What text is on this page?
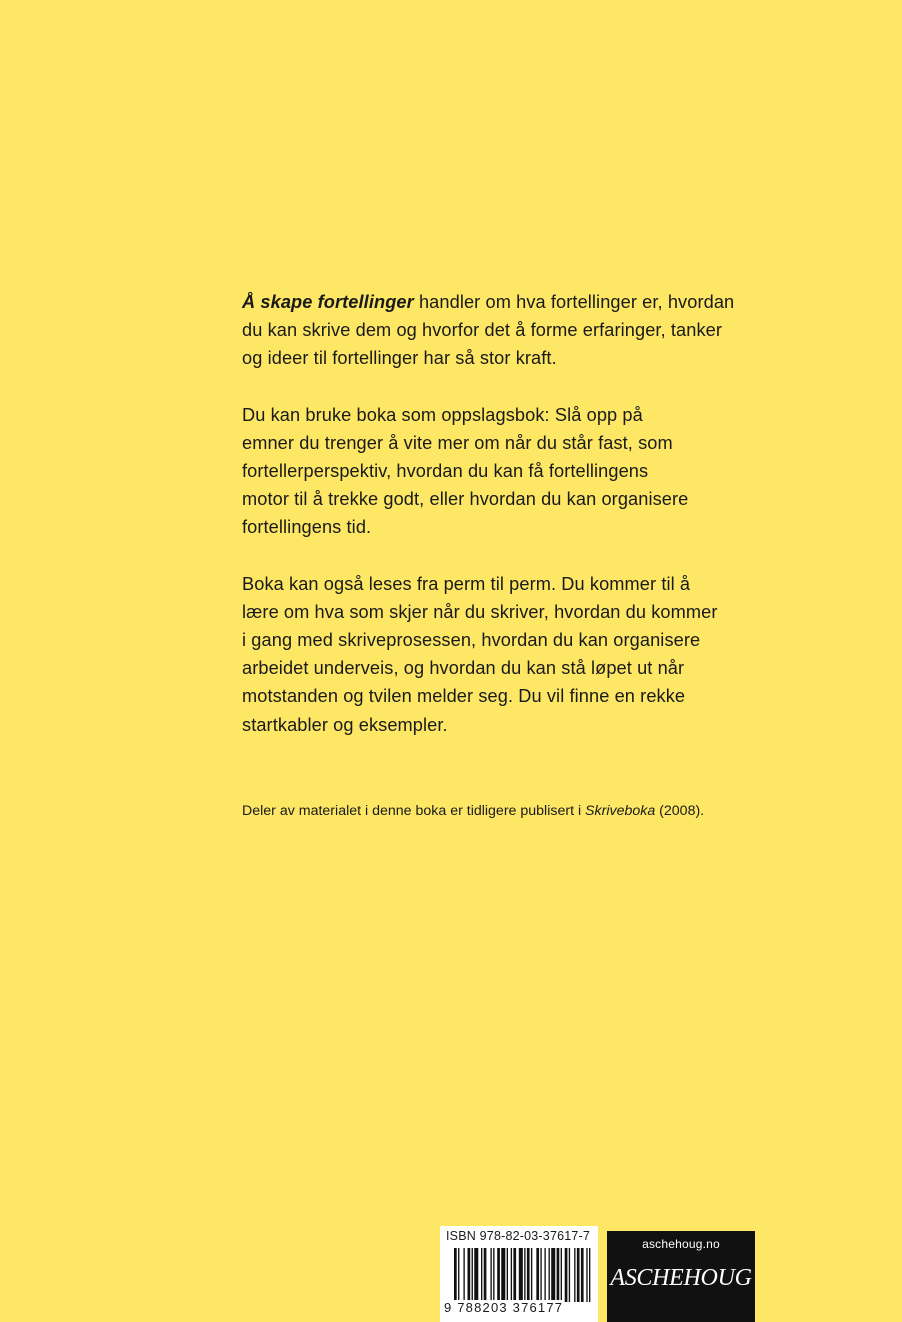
Å skape fortellinger handler om hva fortellinger er, hvordan
du kan skrive dem og hvorfor det å forme erfaringer, tanker
og ideer til fortellinger har så stor kraft.

Du kan bruke boka som oppslagsbok: Slå opp på
emner du trenger å vite mer om når du står fast, som
fortellerperspektiv, hvordan du kan få fortellingens
motor til å trekke godt, eller hvordan du kan organisere
fortellingens tid.

Boka kan også leses fra perm til perm. Du kommer til å
lære om hva som skjer når du skriver, hvordan du kommer
i gang med skriveprosessen, hvordan du kan organisere
arbeidet underveis, og hvordan du kan stå løpet ut når
motstanden og tvilen melder seg. Du vil finne en rekke
startkabler og eksempler.

Deler av materialet i denne boka er tidligere publisert i Skriveboka (2008).
ISBN 978-82-03-37617-7
9 788203 376177
aschehoug.no
ASCHEHOUG
